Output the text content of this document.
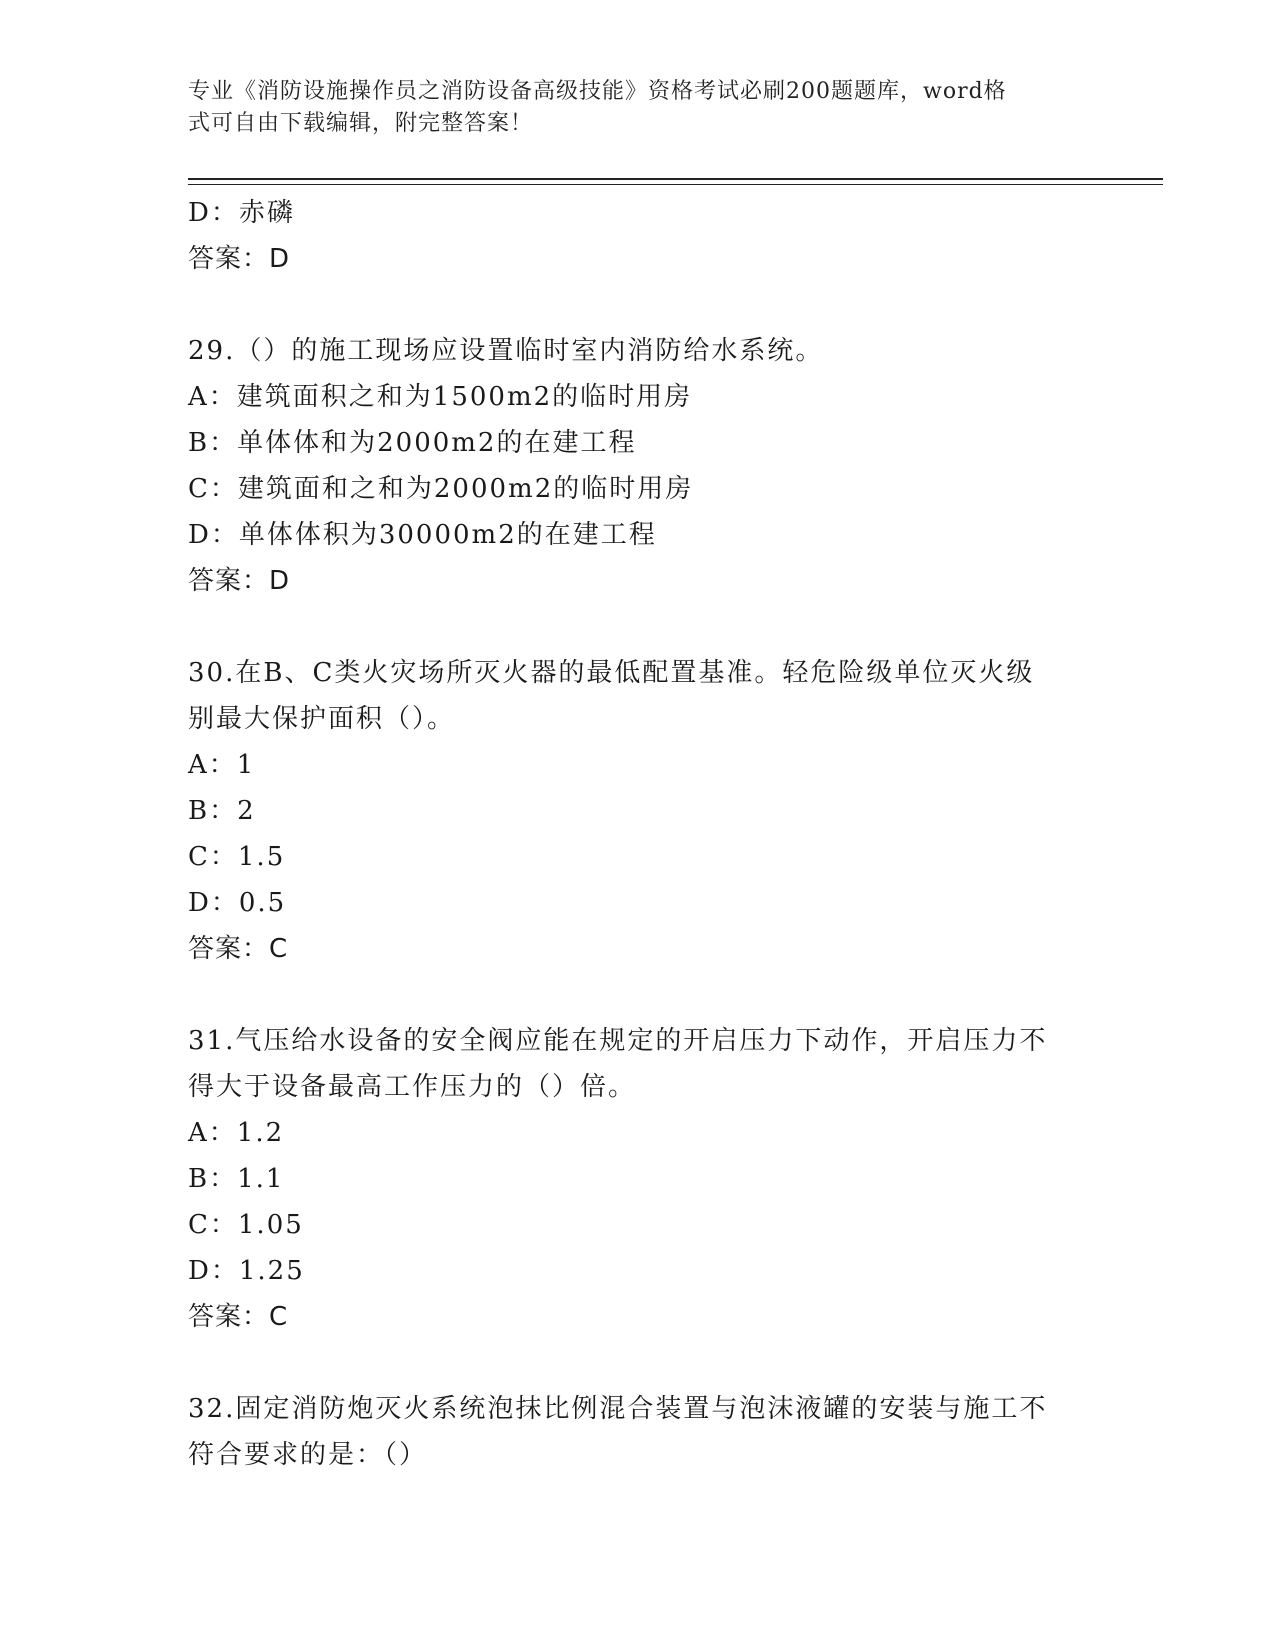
专业《消防设施操作员之消防设备高级技能》资格考试必刷200题题库，word格
式可自由下载编辑，附完整答案！
D：赤磷
答案：D
29.（）的施工现场应设置临时室内消防给水系统。
A：建筑面积之和为1500m2的临时用房
B：单体体和为2000m2的在建工程
C：建筑面和之和为2000m2的临时用房
D：单体体积为30000m2的在建工程
答案：D
30.在B、C类火灾场所灭火器的最低配置基准。轻危险级单位灭火级
别最大保护面积（）。
A：1
B：2
C：1.5
D：0.5
答案：C
31.气压给水设备的安全阀应能在规定的开启压力下动作，开启压力不
得大于设备最高工作压力的（）倍。
A：1.2
B：1.1
C：1.05
D：1.25
答案：C
32.固定消防炮灭火系统泡抹比例混合装置与泡沫液罐的安装与施工不
符合要求的是：（）
